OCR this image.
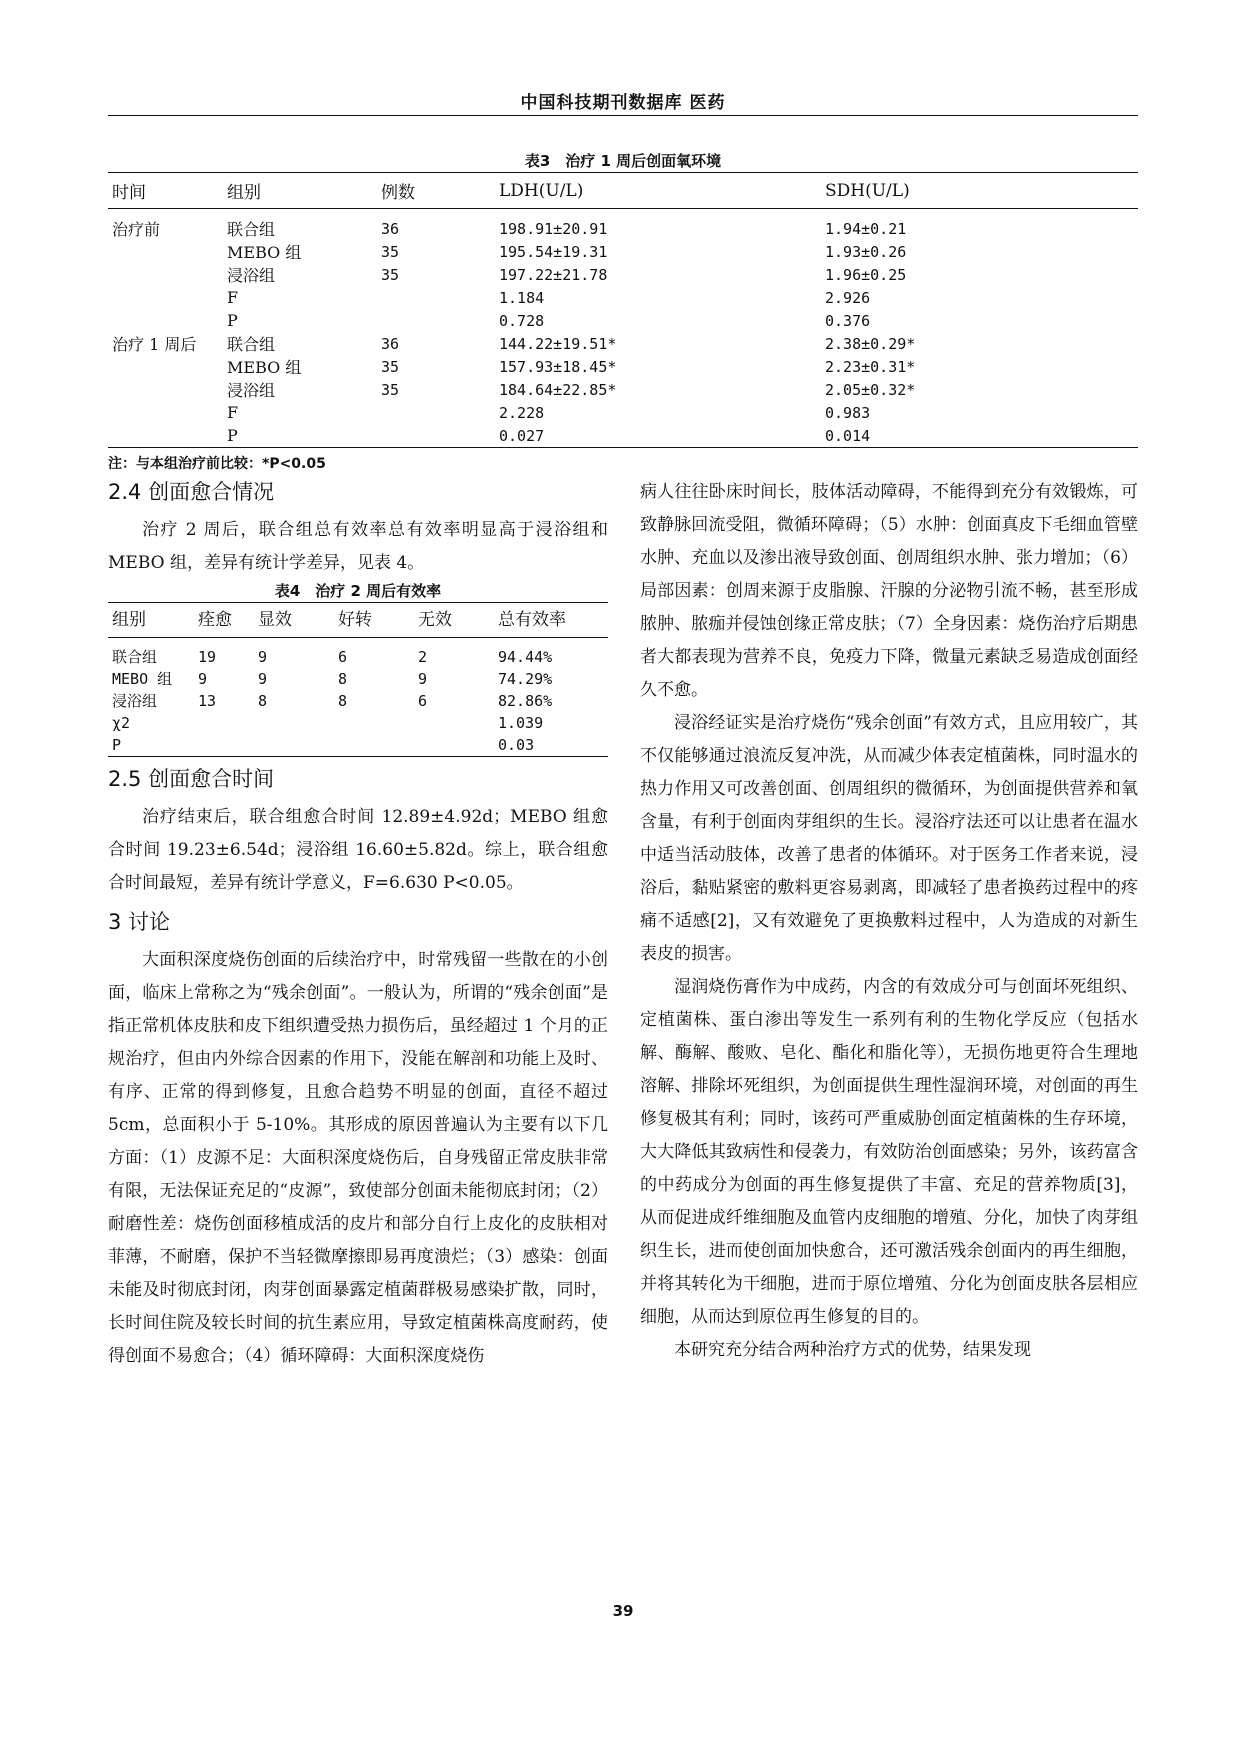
中国科技期刊数据库 医药
表3　治疗 1 周后创面氧环境
时间	组别	例数	LDH(U/L)	SDH(U/L)
治疗前	联合组	36	198.91±20.91	1.94±0.21
	MEBO 组	35	195.54±19.31	1.93±0.26
	浸浴组	35	197.22±21.78	1.96±0.25
	F		1.184	2.926
	P		0.728	0.376
治疗 1 周后	联合组	36	144.22±19.51*	2.38±0.29*
	MEBO 组	35	157.93±18.45*	2.23±0.31*
	浸浴组	35	184.64±22.85*	2.05±0.32*
	F		2.228	0.983
	P		0.027	0.014
注：与本组治疗前比较：*P<0.05
2.4 创面愈合情况

治疗 2 周后，联合组总有效率总有效率明显高于浸浴组和 MEBO 组，差异有统计学差异，见表 4。

表4　治疗 2 周后有效率
组别	痊愈	显效	好转	无效	总有效率
联合组	19	9	6	2	94.44%
MEBO 组	9	9	8	9	74.29%
浸浴组	13	8	8	6	82.86%
χ2					1.039
P					0.03
2.5 创面愈合时间

治疗结束后，联合组愈合时间 12.89±4.92d；MEBO 组愈合时间 19.23±6.54d；浸浴组 16.60±5.82d。综上，联合组愈合时间最短，差异有统计学意义，F=6.630 P<0.05。

3 讨论

大面积深度烧伤创面的后续治疗中，时常残留一些散在的小创面，临床上常称之为“残余创面”。一般认为，所谓的“残余创面”是指正常机体皮肤和皮下组织遭受热力损伤后，虽经超过 1 个月的正规治疗，但由内外综合因素的作用下，没能在解剖和功能上及时、有序、正常的得到修复，且愈合趋势不明显的创面，直径不超过 5cm，总面积小于 5-10%。其形成的原因普遍认为主要有以下几方面：（1）皮源不足：大面积深度烧伤后，自身残留正常皮肤非常有限，无法保证充足的“皮源”，致使部分创面未能彻底封闭；（2）耐磨性差：烧伤创面移植成活的皮片和部分自行上皮化的皮肤相对菲薄，不耐磨，保护不当轻微摩擦即易再度溃烂；（3）感染：创面未能及时彻底封闭，肉芽创面暴露定植菌群极易感染扩散，同时，长时间住院及较长时间的抗生素应用，导致定植菌株高度耐药，使得创面不易愈合；（4）循环障碍：大面积深度烧伤

病人往往卧床时间长，肢体活动障碍，不能得到充分有效锻炼，可致静脉回流受阻，微循环障碍；（5）水肿：创面真皮下毛细血管壁水肿、充血以及渗出液导致创面、创周组织水肿、张力增加；（6）局部因素：创周来源于皮脂腺、汗腺的分泌物引流不畅，甚至形成脓肿、脓痂并侵蚀创缘正常皮肤；（7）全身因素：烧伤治疗后期患者大都表现为营养不良，免疫力下降，微量元素缺乏易造成创面经久不愈。

浸浴经证实是治疗烧伤“残余创面”有效方式，且应用较广，其不仅能够通过浪流反复冲洗，从而减少体表定植菌株，同时温水的热力作用又可改善创面、创周组织的微循环，为创面提供营养和氧含量，有利于创面肉芽组织的生长。浸浴疗法还可以让患者在温水中适当活动肢体，改善了患者的体循环。对于医务工作者来说，浸浴后，黏贴紧密的敷料更容易剥离，即减轻了患者换药过程中的疼痛不适感[2]，又有效避免了更换敷料过程中，人为造成的对新生表皮的损害。

湿润烧伤膏作为中成药，内含的有效成分可与创面坏死组织、定植菌株、蛋白渗出等发生一系列有利的生物化学反应（包括水解、酶解、酸败、皂化、酯化和脂化等），无损伤地更符合生理地溶解、排除坏死组织，为创面提供生理性湿润环境，对创面的再生修复极其有利；同时，该药可严重威胁创面定植菌株的生存环境，大大降低其致病性和侵袭力，有效防治创面感染；另外，该药富含的中药成分为创面的再生修复提供了丰富、充足的营养物质[3]，从而促进成纤维细胞及血管内皮细胞的增殖、分化，加快了肉芽组织生长，进而使创面加快愈合，还可激活残余创面内的再生细胞，并将其转化为干细胞，进而于原位增殖、分化为创面皮肤各层相应细胞，从而达到原位再生修复的目的。

本研究充分结合两种治疗方式的优势，结果发现

39
